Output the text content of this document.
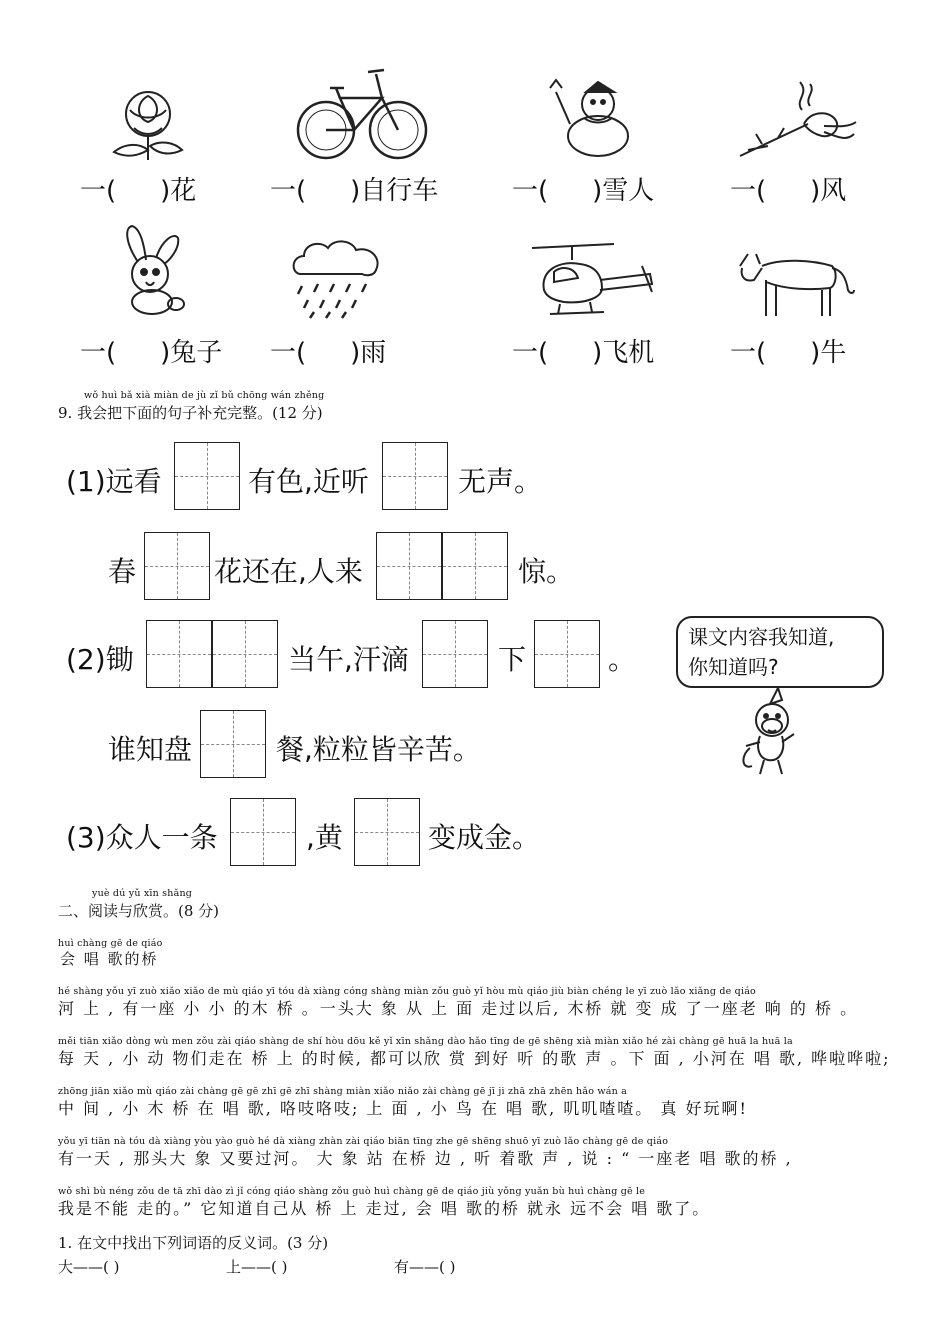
一( )花	一( )自行车	一( )雪人	一( )风
一( )兔子 一( )雨	一( )飞机	一( )牛
wǒ huì bǎ xià miàn de jù zǐ bǔ chōng wán zhěng
9. 我会把下面的句子补充完整。(12 分)
(1)远看	有色,近听	无声。
春	花还在,人来	惊。
(2)锄	当午,汗滴	下	。
课文内容我知道,
你知道吗?
谁知盘	餐,粒粒皆辛苦。
(3)众人一条	,黄	变成金。
yuè dú yǔ xīn shǎng
二、阅读与欣赏。(8 分)
huì chàng gē de qiáo
会 唱 歌的桥
hé shàng yǒu yī zuò xiǎo xiǎo de mù qiáo yī tóu dà xiàng cóng shàng miàn zǒu guò yǐ hòu mù qiáo jiù biàn chéng le yī zuò lǎo xiǎng de qiáo
河 上 , 有一座 小 小 的木 桥 。一头大 象 从 上 面 走过以后, 木桥 就 变 成 了一座老 响 的 桥 。
měi tiān xiǎo dòng wù men zǒu zài qiáo shàng de shí hòu dōu kě yǐ xīn shǎng dào hǎo tīng de gē shēng xià miàn xiǎo hé zài chàng gē huā la huā la
每 天 , 小 动 物们走在 桥 上 的时候, 都可以欣 赏 到好 听 的歌 声 。下 面 , 小河在 唱 歌, 哗啦哗啦;
zhōng jiān xiǎo mù qiáo zài chàng gē gē zhī gē zhī shàng miàn xiǎo niǎo zài chàng gē jī ji zhā zhā zhēn hǎo wán a
中 间 , 小 木 桥 在 唱 歌, 咯吱咯吱; 上 面 , 小 鸟 在 唱 歌, 叽叽喳喳。 真 好玩啊!
yǒu yī tiān nà tóu dà xiàng yòu yào guò hé dà xiàng zhàn zài qiáo biān tīng zhe gē shēng shuō yī zuò lǎo chàng gē de qiáo
有一天 , 那头大 象 又要过河。 大 象 站 在桥 边 , 听 着歌 声 , 说 : “ 一座老 唱 歌的桥 ,
wǒ shì bù néng zǒu de tā zhī dào zì jǐ cóng qiáo shàng zǒu guò huì chàng gē de qiáo jiù yǒng yuǎn bù huì chàng gē le
我是不能 走的。” 它知道自己从 桥 上 走过, 会 唱 歌的桥 就永 远不会 唱 歌了。
1. 在文中找出下列词语的反义词。(3 分)
大——( )	上——( )	有——( )
